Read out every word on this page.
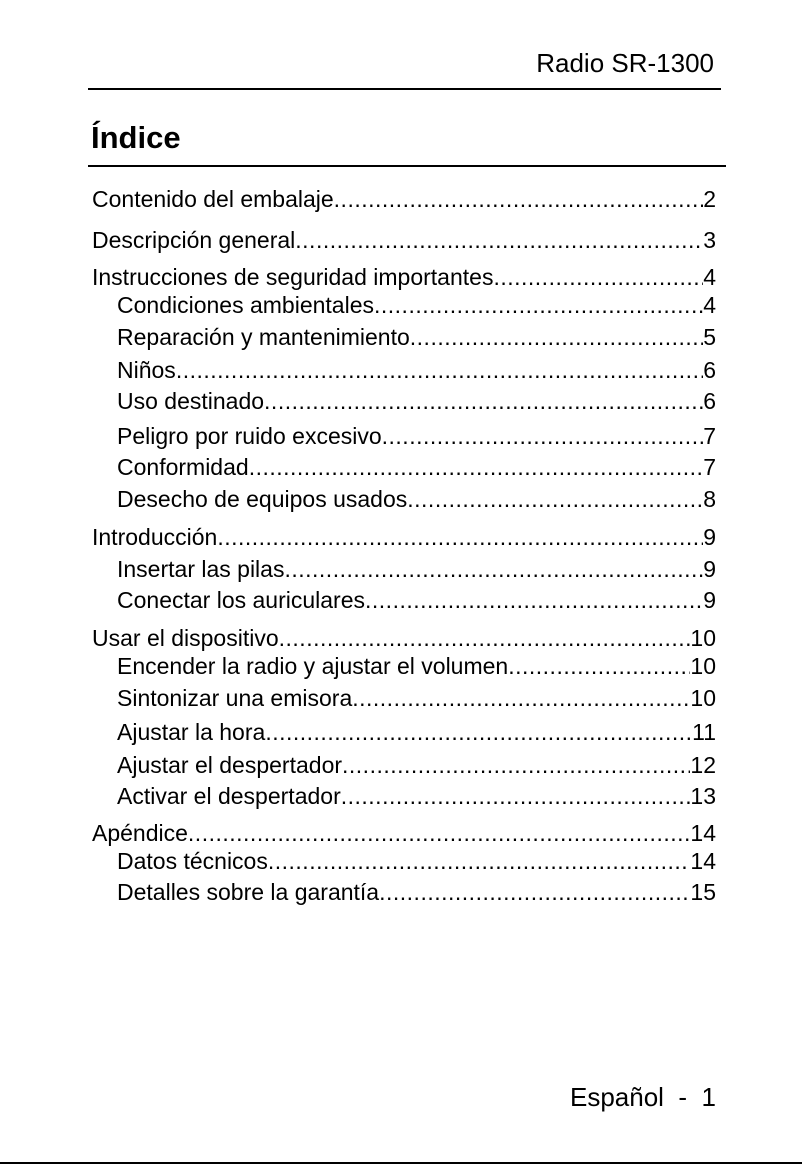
Radio SR-1300
Índice
Contenido del embalaje .....	2
Descripción general .....	3
Instrucciones de seguridad importantes .....	4
Condiciones ambientales .....	4
Reparación y mantenimiento .....	5
Niños .....	6
Uso destinado .....	6
Peligro por ruido excesivo .....	7
Conformidad .....	7
Desecho de equipos usados .....	8
Introducción .....	9
Insertar las pilas .....	9
Conectar los auriculares .....	9
Usar el dispositivo .....	10
Encender la radio y ajustar el volumen .....	10
Sintonizar una emisora .....	10
Ajustar la hora .....	11
Ajustar el despertador .....	12
Activar el despertador .....	13
Apéndice .....	14
Datos técnicos .....	14
Detalles sobre la garantía .....	15
Español - 1
